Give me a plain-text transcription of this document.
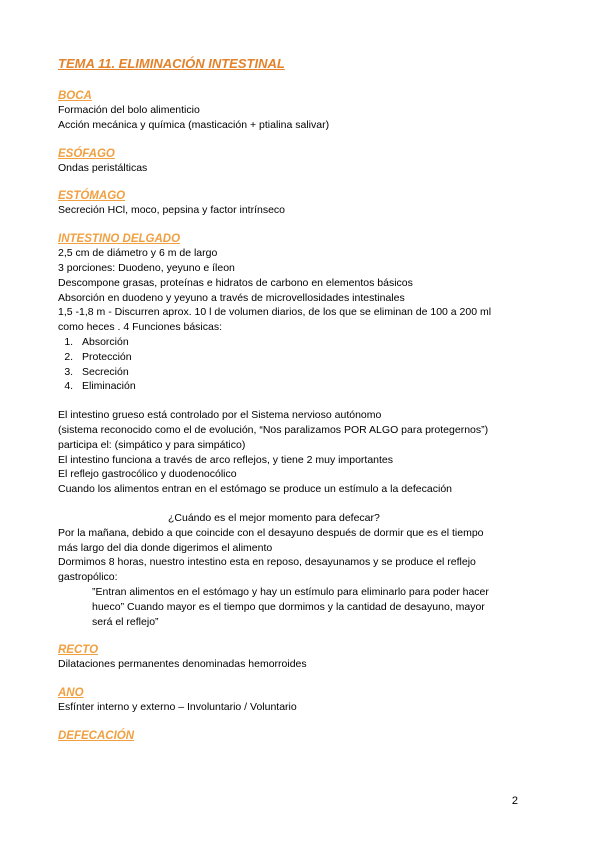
TEMA 11. ELIMINACIÓN INTESTINAL
BOCA
Formación del bolo alimenticio
Acción mecánica y química (masticación + ptialina salivar)
ESÓFAGO
Ondas peristálticas
ESTÓMAGO
Secreción HCl, moco, pepsina y factor intrínseco
INTESTINO DELGADO
2,5 cm de diámetro y 6 m de largo
3 porciones: Duodeno, yeyuno e íleon
Descompone grasas, proteínas e hidratos de carbono en elementos básicos
Absorción en duodeno y yeyuno a través de microvellosidades intestinales
1,5 -1,8 m - Discurren aprox. 10 l de volumen diarios, de los que se eliminan de 100 a 200 ml
como heces . 4 Funciones básicas:
1. Absorción
2. Protección
3. Secreción
4. Eliminación
El intestino grueso está controlado por el Sistema nervioso autónomo
(sistema reconocido como el de evolución, “Nos paralizamos POR ALGO para protegernos”)
participa el: (simpático y para simpático)
El intestino funciona a través de arco reflejos, y tiene 2 muy importantes
El reflejo gastrocólico y duodenocólico
Cuando los alimentos entran en el estómago se produce un estímulo a la defecación
¿Cuándo es el mejor momento para defecar?
Por la mañana, debido a que coincide con el desayuno después de dormir que es el tiempo
más largo del dia donde digerimos el alimento
Dormimos 8 horas, nuestro intestino esta en reposo, desayunamos y se produce el reflejo
gastropólico:
”Entran alimentos en el estómago y hay un estímulo para eliminarlo para poder hacer
hueco” Cuando mayor es el tiempo que dormimos y la cantidad de desayuno, mayor
será el reflejo”
RECTO
Dilataciones permanentes denominadas hemorroides
ANO
Esfínter interno y externo – Involuntario / Voluntario
DEFECACIÓN
2
